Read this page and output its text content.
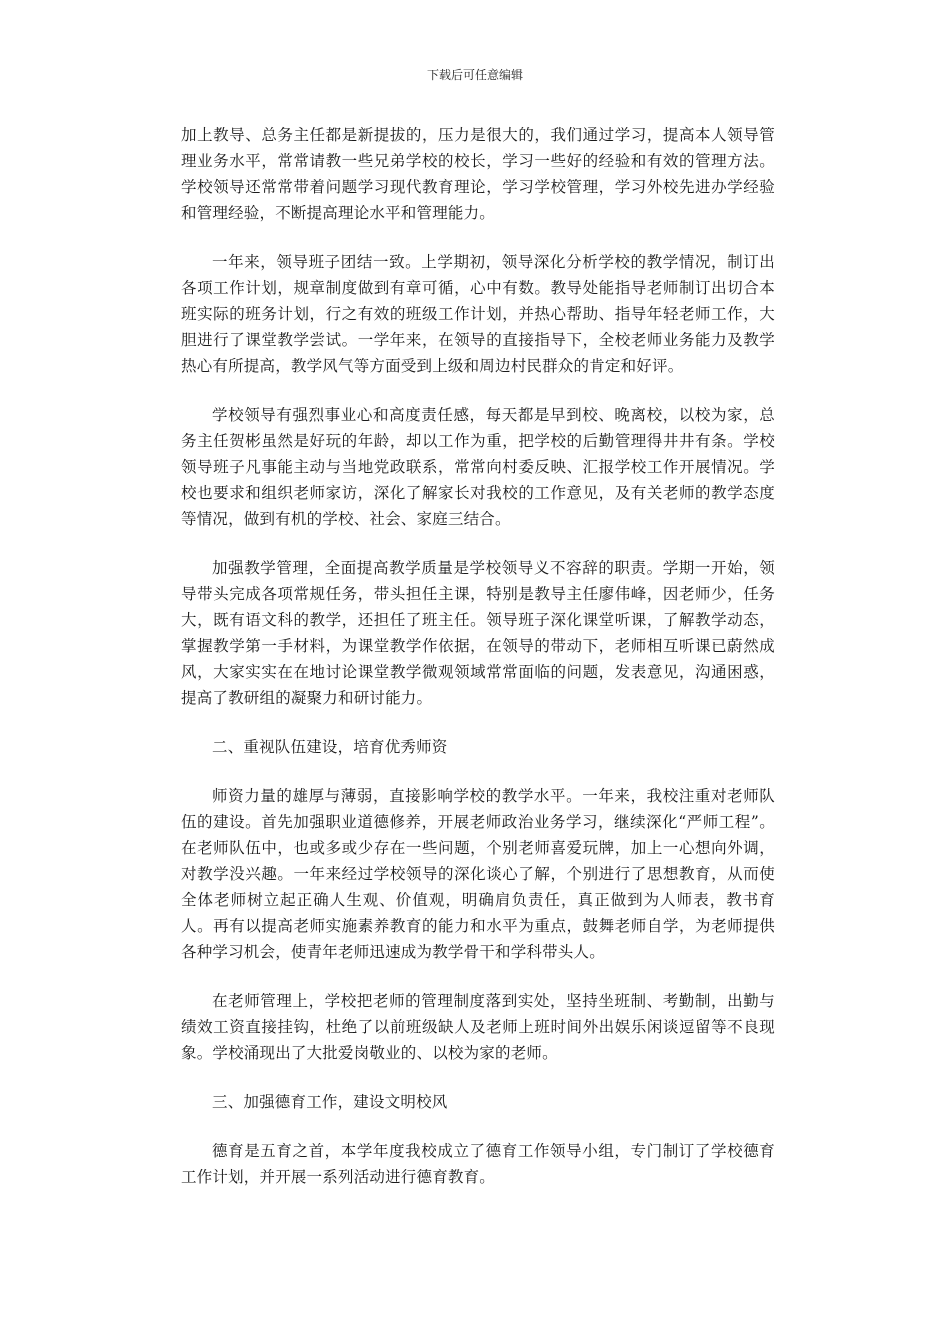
下载后可任意编辑

加上教导、总务主任都是新提拔的，压力是很大的，我们通过学习，提高本人领导管理业务水平，常常请教一些兄弟学校的校长，学习一些好的经验和有效的管理方法。学校领导还常常带着问题学习现代教育理论，学习学校管理，学习外校先进办学经验和管理经验，不断提高理论水平和管理能力。

一年来，领导班子团结一致。上学期初，领导深化分析学校的教学情况，制订出各项工作计划，规章制度做到有章可循，心中有数。教导处能指导老师制订出切合本班实际的班务计划，行之有效的班级工作计划，并热心帮助、指导年轻老师工作，大胆进行了课堂教学尝试。一学年来，在领导的直接指导下，全校老师业务能力及教学热心有所提高，教学风气等方面受到上级和周边村民群众的肯定和好评。

学校领导有强烈事业心和高度责任感，每天都是早到校、晚离校，以校为家，总务主任贺彬虽然是好玩的年龄，却以工作为重，把学校的后勤管理得井井有条。学校领导班子凡事能主动与当地党政联系，常常向村委反映、汇报学校工作开展情况。学校也要求和组织老师家访，深化了解家长对我校的工作意见，及有关老师的教学态度等情况，做到有机的学校、社会、家庭三结合。

加强教学管理，全面提高教学质量是学校领导义不容辞的职责。学期一开始，领导带头完成各项常规任务，带头担任主课，特别是教导主任廖伟峰，因老师少，任务大，既有语文科的教学，还担任了班主任。领导班子深化课堂听课，了解教学动态，掌握教学第一手材料，为课堂教学作依据，在领导的带动下，老师相互听课已蔚然成风，大家实实在在地讨论课堂教学微观领域常常面临的问题，发表意见，沟通困惑，提高了教研组的凝聚力和研讨能力。

二、重视队伍建设，培育优秀师资

师资力量的雄厚与薄弱，直接影响学校的教学水平。一年来，我校注重对老师队伍的建设。首先加强职业道德修养，开展老师政治业务学习，继续深化“严师工程”。在老师队伍中，也或多或少存在一些问题，个别老师喜爱玩牌，加上一心想向外调，对教学没兴趣。一年来经过学校领导的深化谈心了解，个别进行了思想教育，从而使全体老师树立起正确人生观、价值观，明确肩负责任，真正做到为人师表，教书育人。再有以提高老师实施素养教育的能力和水平为重点，鼓舞老师自学，为老师提供各种学习机会，使青年老师迅速成为教学骨干和学科带头人。

在老师管理上，学校把老师的管理制度落到实处，坚持坐班制、考勤制，出勤与绩效工资直接挂钩，杜绝了以前班级缺人及老师上班时间外出娱乐闲谈逗留等不良现象。学校涌现出了大批爱岗敬业的、以校为家的老师。

三、加强德育工作，建设文明校风

德育是五育之首，本学年度我校成立了德育工作领导小组，专门制订了学校德育工作计划，并开展一系列活动进行德育教育。
